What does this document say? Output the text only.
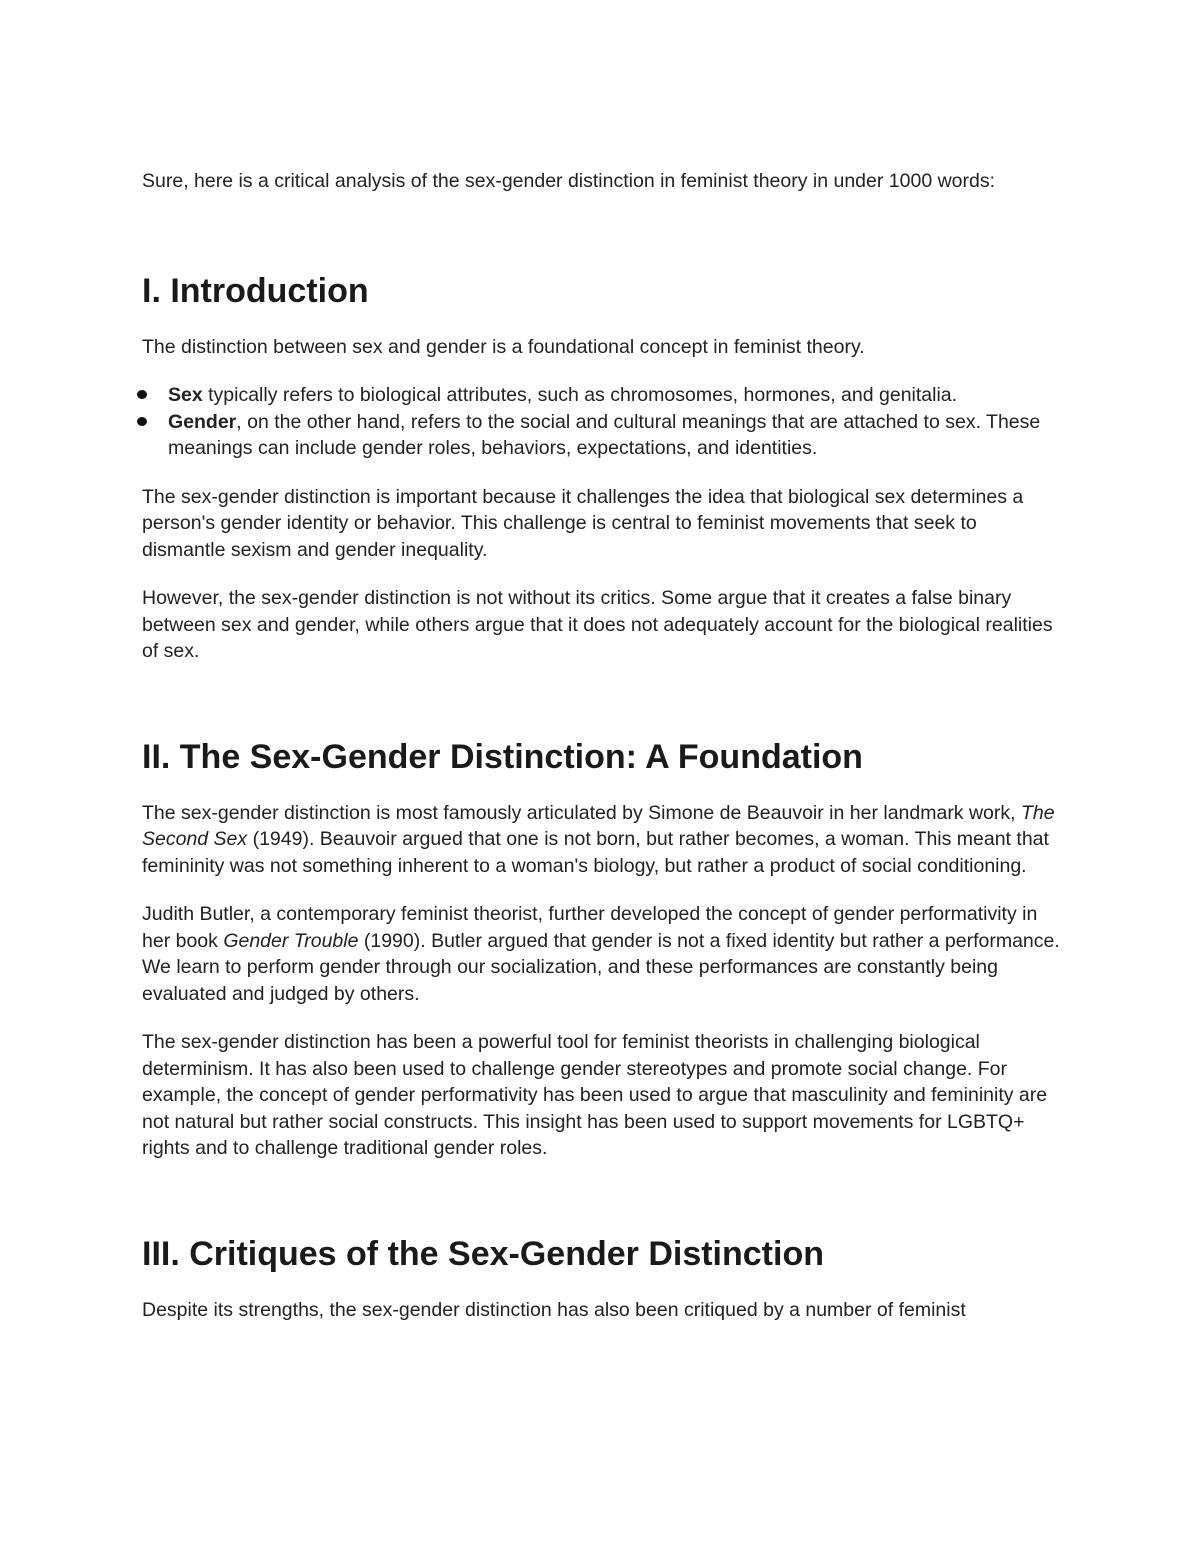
Sure, here is a critical analysis of the sex-gender distinction in feminist theory in under 1000 words:

I. Introduction

The distinction between sex and gender is a foundational concept in feminist theory.

Sex typically refers to biological attributes, such as chromosomes, hormones, and genitalia.
Gender, on the other hand, refers to the social and cultural meanings that are attached to sex. These meanings can include gender roles, behaviors, expectations, and identities.

The sex-gender distinction is important because it challenges the idea that biological sex determines a person's gender identity or behavior. This challenge is central to feminist movements that seek to dismantle sexism and gender inequality.

However, the sex-gender distinction is not without its critics. Some argue that it creates a false binary between sex and gender, while others argue that it does not adequately account for the biological realities of sex.

II. The Sex-Gender Distinction: A Foundation

The sex-gender distinction is most famously articulated by Simone de Beauvoir in her landmark work, The Second Sex (1949). Beauvoir argued that one is not born, but rather becomes, a woman. This meant that femininity was not something inherent to a woman's biology, but rather a product of social conditioning.

Judith Butler, a contemporary feminist theorist, further developed the concept of gender performativity in her book Gender Trouble (1990). Butler argued that gender is not a fixed identity but rather a performance. We learn to perform gender through our socialization, and these performances are constantly being evaluated and judged by others.

The sex-gender distinction has been a powerful tool for feminist theorists in challenging biological determinism. It has also been used to challenge gender stereotypes and promote social change. For example, the concept of gender performativity has been used to argue that masculinity and femininity are not natural but rather social constructs. This insight has been used to support movements for LGBTQ+ rights and to challenge traditional gender roles.

III. Critiques of the Sex-Gender Distinction

Despite its strengths, the sex-gender distinction has also been critiqued by a number of feminist
